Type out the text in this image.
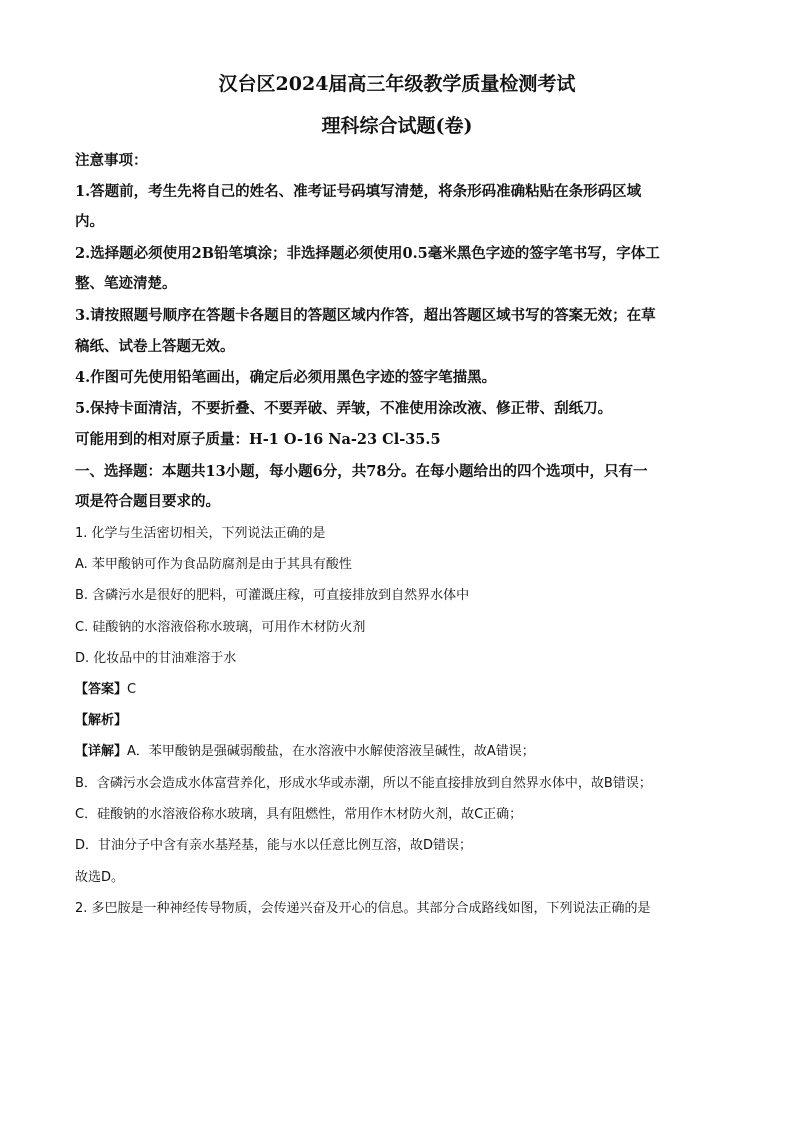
汉台区2024届高三年级教学质量检测考试
理科综合试题(卷)
注意事项：
1.答题前，考生先将自己的姓名、准考证号码填写清楚，将条形码准确粘贴在条形码区域
内。
2.选择题必须使用2B铅笔填涂；非选择题必须使用0.5毫米黑色字迹的签字笔书写，字体工
整、笔迹清楚。
3.请按照题号顺序在答题卡各题目的答题区域内作答，超出答题区域书写的答案无效；在草
稿纸、试卷上答题无效。
4.作图可先使用铅笔画出，确定后必须用黑色字迹的签字笔描黑。
5.保持卡面清洁，不要折叠、不要弄破、弄皱，不准使用涂改液、修正带、刮纸刀。
可能用到的相对原子质量：H-1 O-16 Na-23 Cl-35.5
一、选择题：本题共13小题，每小题6分，共78分。在每小题给出的四个选项中，只有一
项是符合题目要求的。
1. 化学与生活密切相关，下列说法正确的是
A. 苯甲酸钠可作为食品防腐剂是由于其具有酸性
B. 含磷污水是很好的肥料，可灌溉庄稼，可直接排放到自然界水体中
C. 硅酸钠的水溶液俗称水玻璃，可用作木材防火剂
D. 化妆品中的甘油难溶于水
【答案】C
【解析】
【详解】A．苯甲酸钠是强碱弱酸盐，在水溶液中水解使溶液呈碱性，故A错误；
B．含磷污水会造成水体富营养化，形成水华或赤潮，所以不能直接排放到自然界水体中，故B错误；
C．硅酸钠的水溶液俗称水玻璃，具有阻燃性，常用作木材防火剂，故C正确；
D．甘油分子中含有亲水基羟基，能与水以任意比例互溶，故D错误；
故选D。
2. 多巴胺是一种神经传导物质，会传递兴奋及开心的信息。其部分合成路线如图，下列说法正确的是
